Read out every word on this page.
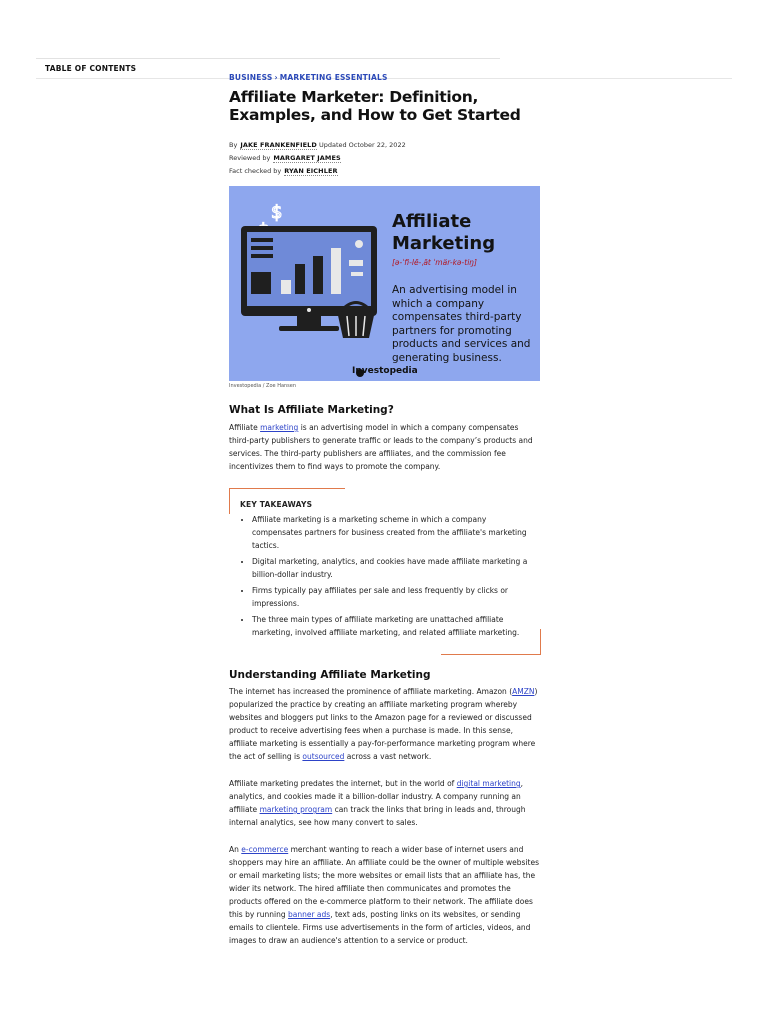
TABLE OF CONTENTS
BUSINESS › MARKETING ESSENTIALS
Affiliate Marketer: Definition, Examples, and How to Get Started
By JAKE FRANKENFIELD Updated October 22, 2022
Reviewed by MARGARET JAMES
Fact checked by RYAN EICHLER
$	Affiliate Marketing
[ə-ˈfi-lē-ˌāt ˈmär-kə-tiŋ]
An advertising model in which a company compensates third-party partners for promoting products and services and generating business.
Investopedia
Investopedia / Zoe Hansen
What Is Affiliate Marketing?
Affiliate marketing is an advertising model in which a company compensates third-party publishers to generate traffic or leads to the company’s products and services. The third-party publishers are affiliates, and the commission fee incentivizes them to find ways to promote the company.
KEY TAKEAWAYS
• Affiliate marketing is a marketing scheme in which a company compensates partners for business created from the affiliate's marketing tactics.
• Digital marketing, analytics, and cookies have made affiliate marketing a billion-dollar industry.
• Firms typically pay affiliates per sale and less frequently by clicks or impressions.
• The three main types of affiliate marketing are unattached affiliate marketing, involved affiliate marketing, and related affiliate marketing.
Understanding Affiliate Marketing
The internet has increased the prominence of affiliate marketing. Amazon (AMZN) popularized the practice by creating an affiliate marketing program whereby websites and bloggers put links to the Amazon page for a reviewed or discussed product to receive advertising fees when a purchase is made. In this sense, affiliate marketing is essentially a pay-for-performance marketing program where the act of selling is outsourced across a vast network.
Affiliate marketing predates the internet, but in the world of digital marketing, analytics, and cookies made it a billion-dollar industry. A company running an affiliate marketing program can track the links that bring in leads and, through internal analytics, see how many convert to sales.
An e-commerce merchant wanting to reach a wider base of internet users and shoppers may hire an affiliate. An affiliate could be the owner of multiple websites or email marketing lists; the more websites or email lists that an affiliate has, the wider its network. The hired affiliate then communicates and promotes the products offered on the e-commerce platform to their network. The affiliate does this by running banner ads, text ads, posting links on its websites, or sending emails to clientele. Firms use advertisements in the form of articles, videos, and images to draw an audience's attention to a service or product.
